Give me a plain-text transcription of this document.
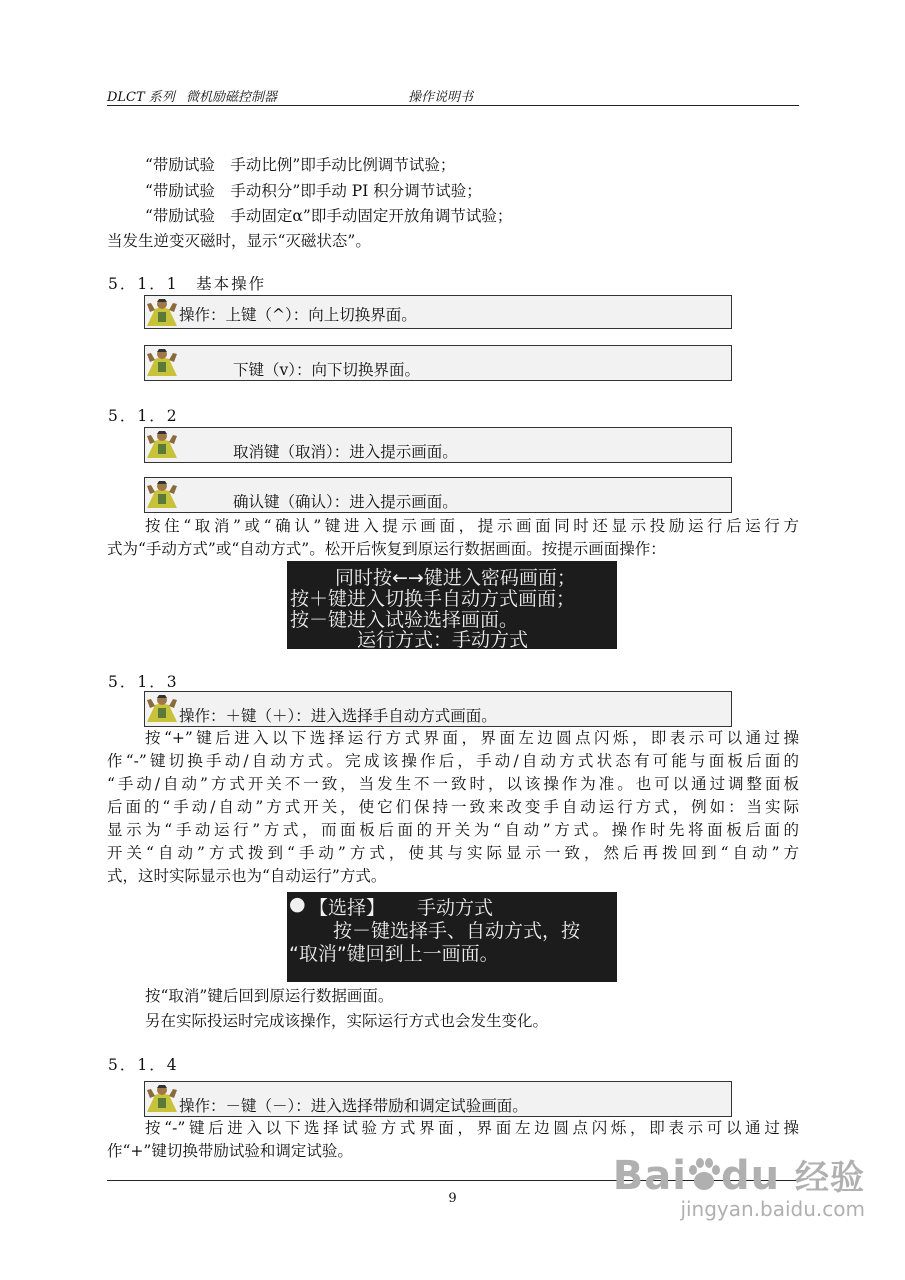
DLCT 系列 微机励磁控制器	操作说明书
“带励试验　手动比例”即手动比例调节试验；
“带励试验　手动积分”即手动 PI 积分调节试验；
“带励试验　手动固定α”即手动固定开放角调节试验；
当发生逆变灭磁时，显示“灭磁状态”。
5．1．1　基本操作
操作：上键（^）：向上切换界面。
下键（v）：向下切换界面。
5．1．2
取消键（取消）：进入提示画面。
确认键（确认）：进入提示画面。
按住“取消”或“确认”键进入提示画面，提示画面同时还显示投励运行后运行方
式为“手动方式”或“自动方式”。松开后恢复到原运行数据画面。按提示画面操作：
同时按←→键进入密码画面；
按＋键进入切换手自动方式画面；
按－键进入试验选择画面。
运行方式：手动方式
5．1．3
操作：＋键（＋）：进入选择手自动方式画面。
按“+”键后进入以下选择运行方式界面，界面左边圆点闪烁，即表示可以通过操
作“-”键切换手动/自动方式。完成该操作后，手动/自动方式状态有可能与面板后面的
“手动/自动”方式开关不一致，当发生不一致时，以该操作为准。也可以通过调整面板
后面的“手动/自动”方式开关，使它们保持一致来改变手自动运行方式，例如：当实际
显示为“手动运行”方式，而面板后面的开关为“自动”方式。操作时先将面板后面的
开关“自动”方式拨到“手动”方式，使其与实际显示一致，然后再拨回到“自动”方
式，这时实际显示也为“自动运行”方式。
● 【选择】 手动方式
按－键选择手、自动方式，按
“取消”键回到上一画面。
按“取消”键后回到原运行数据画面。
另在实际投运时完成该操作，实际运行方式也会发生变化。
5．1．4
操作：－键（－）：进入选择带励和调定试验画面。
按“-”键后进入以下选择试验方式界面，界面左边圆点闪烁，即表示可以通过操
作“+”键切换带励试验和调定试验。
9	Bai du 经验
jingyan.baidu.com
